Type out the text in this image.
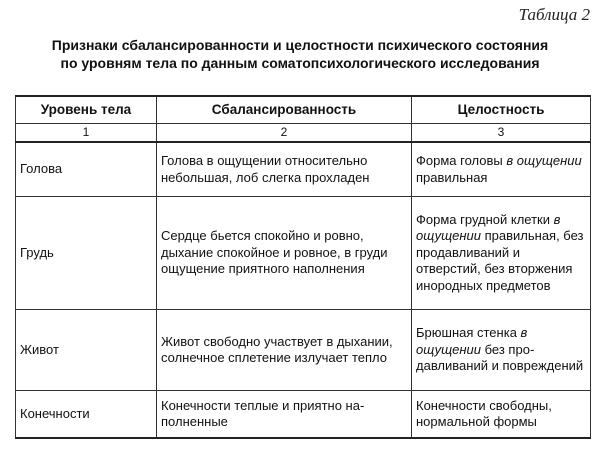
Таблица 2
Признаки сбалансированности и целостности психического состояния
по уровням тела по данным соматопсихологического исследования
Уровень тела	Сбалансированность	Целостность
1	2	3
Голова	Голова в ощущении относительно небольшая, лоб слегка прохладен	Форма головы в ощущении правильная
Грудь	Сердце бьется спокойно и ровно, дыхание спокойное и ровное, в груди ощущение приятного наполнения	Форма грудной клетки в ощущении правильная, без продавливаний и отверстий, без вторжения инородных предметов
Живот	Живот свободно участвует в дыхании, солнечное сплетение излучает тепло	Брюшная стенка в ощущении без продавливаний и повреждений
Конечности	Конечности теплые и приятно наполненные	Конечности свободны, нормальной формы
